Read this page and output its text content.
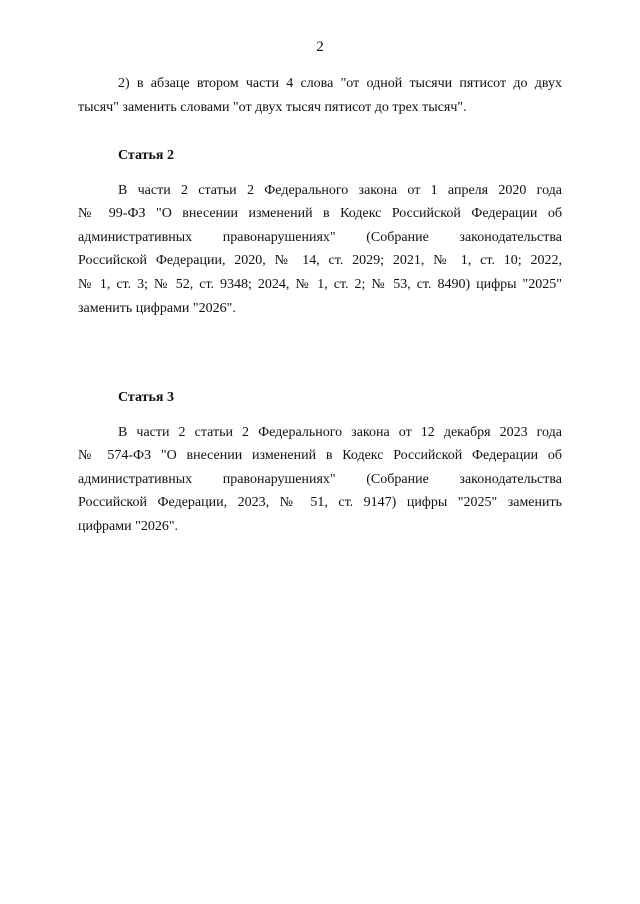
2
2) в абзаце втором части 4 слова "от одной тысячи пятисот до двух
тысяч" заменить словами "от двух тысяч пятисот до трех тысяч".
Статья 2
В части 2 статьи 2 Федерального закона от 1 апреля 2020 года
№ 99-ФЗ "О внесении изменений в Кодекс Российской Федерации об
административных правонарушениях" (Собрание законодательства
Российской Федерации, 2020, № 14, ст. 2029; 2021, № 1, ст. 10; 2022,
№ 1, ст. 3; № 52, ст. 9348; 2024, № 1, ст. 2; № 53, ст. 8490) цифры "2025"
заменить цифрами "2026".
Статья 3
В части 2 статьи 2 Федерального закона от 12 декабря 2023 года
№ 574-ФЗ "О внесении изменений в Кодекс Российской Федерации об
административных правонарушениях" (Собрание законодательства
Российской Федерации, 2023, № 51, ст. 9147) цифры "2025" заменить
цифрами "2026".
